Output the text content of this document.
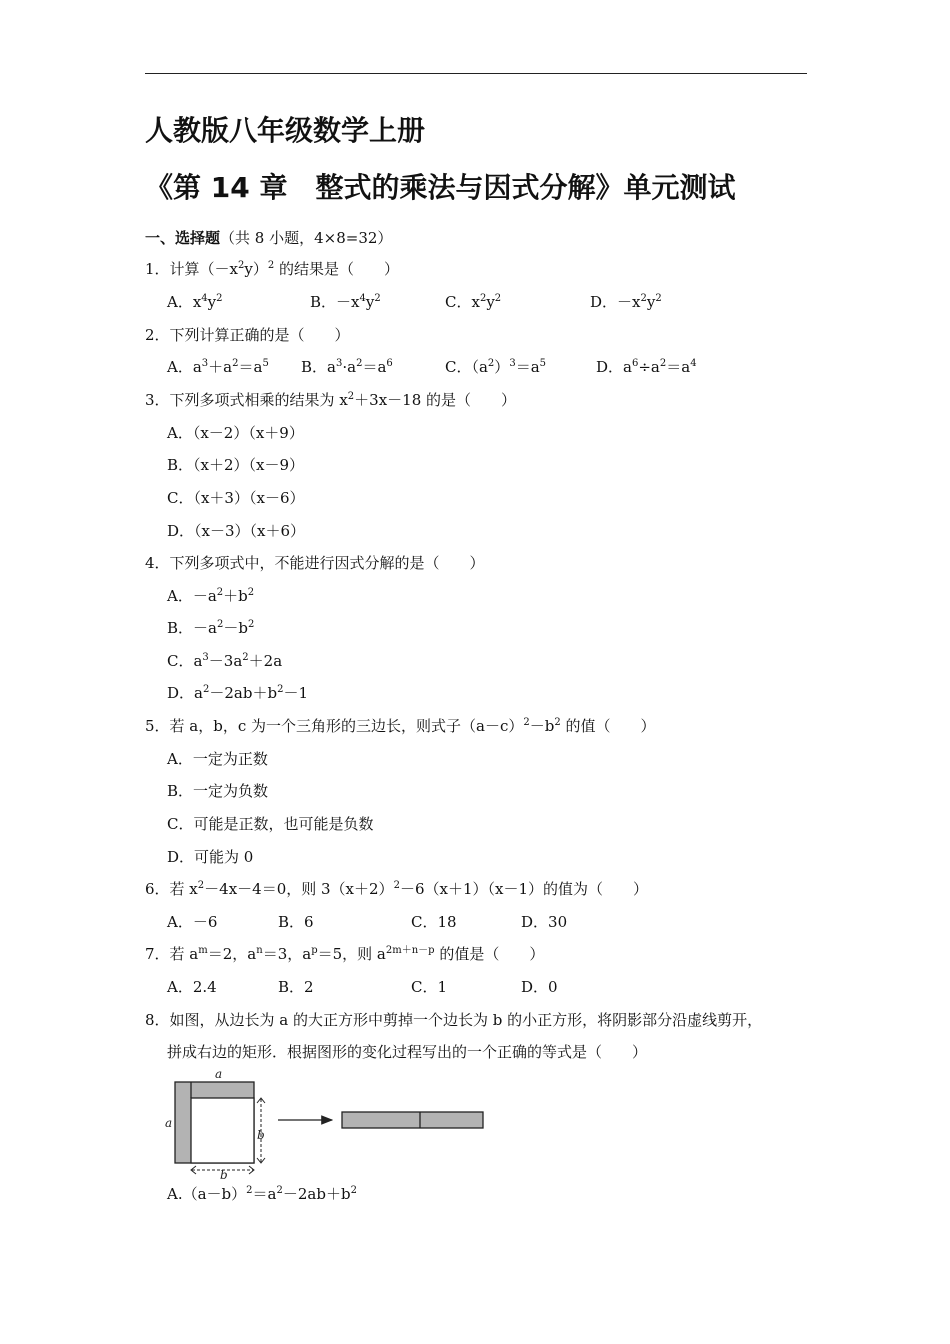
人教版八年级数学上册
《第 14 章　整式的乘法与因式分解》单元测试
一、选择题（共 8 小题，4×8=32）
1．计算$(-x^2y)^2$ 的结果是（　　）
A．$x^4y^2$	B．$-x^4y^2$	C．$x^2y^2$	D．$-x^2y^2$
2．下列计算正确的是（　　）
A．$a^3+a^2=a^5$ B．$a^3\cdot a^2=a^6$	C．$(a^2)^3=a^5$	D．$a^6\div a^2=a^4$
3．下列多项式相乘的结果为 $x^2+3x-18$ 的是（　　）
A．（x－2）（x＋9）
B．（x＋2）（x－9）
C．（x＋3）（x－6）
D．（x－3）（x＋6）
4．下列多项式中，不能进行因式分解的是（　　）
A．$-a^2+b^2$
B．$-a^2-b^2$
C．$a^3-3a^2+2a$
D．$a^2-2ab+b^2-1$
5．若 a，b，c 为一个三角形的三边长，则式子$(a-c)^2-b^2$ 的值（　　）
A．一定为正数
B．一定为负数
C．可能是正数，也可能是负数
D．可能为 0
6．若 $x^2-4x-4=0$，则 $3(x+2)^2-6(x+1)(x-1)$的值为（　　）
A．－6	B．6	C．18	D．30
7．若 $a^m=2$，$a^n=3$，$a^p=5$，则 $a^{2m+n-p}$ 的值是（　　）
A．2.4	B．2	C．1	D．0
8．如图，从边长为 a 的大正方形中剪掉一个边长为 b 的小正方形，将阴影部分沿虚线剪开，
拼成右边的矩形．根据图形的变化过程写出的一个正确的等式是（　　）
a
a
b
b
$A.(a-b)^2=a^2-2ab+b^2$
